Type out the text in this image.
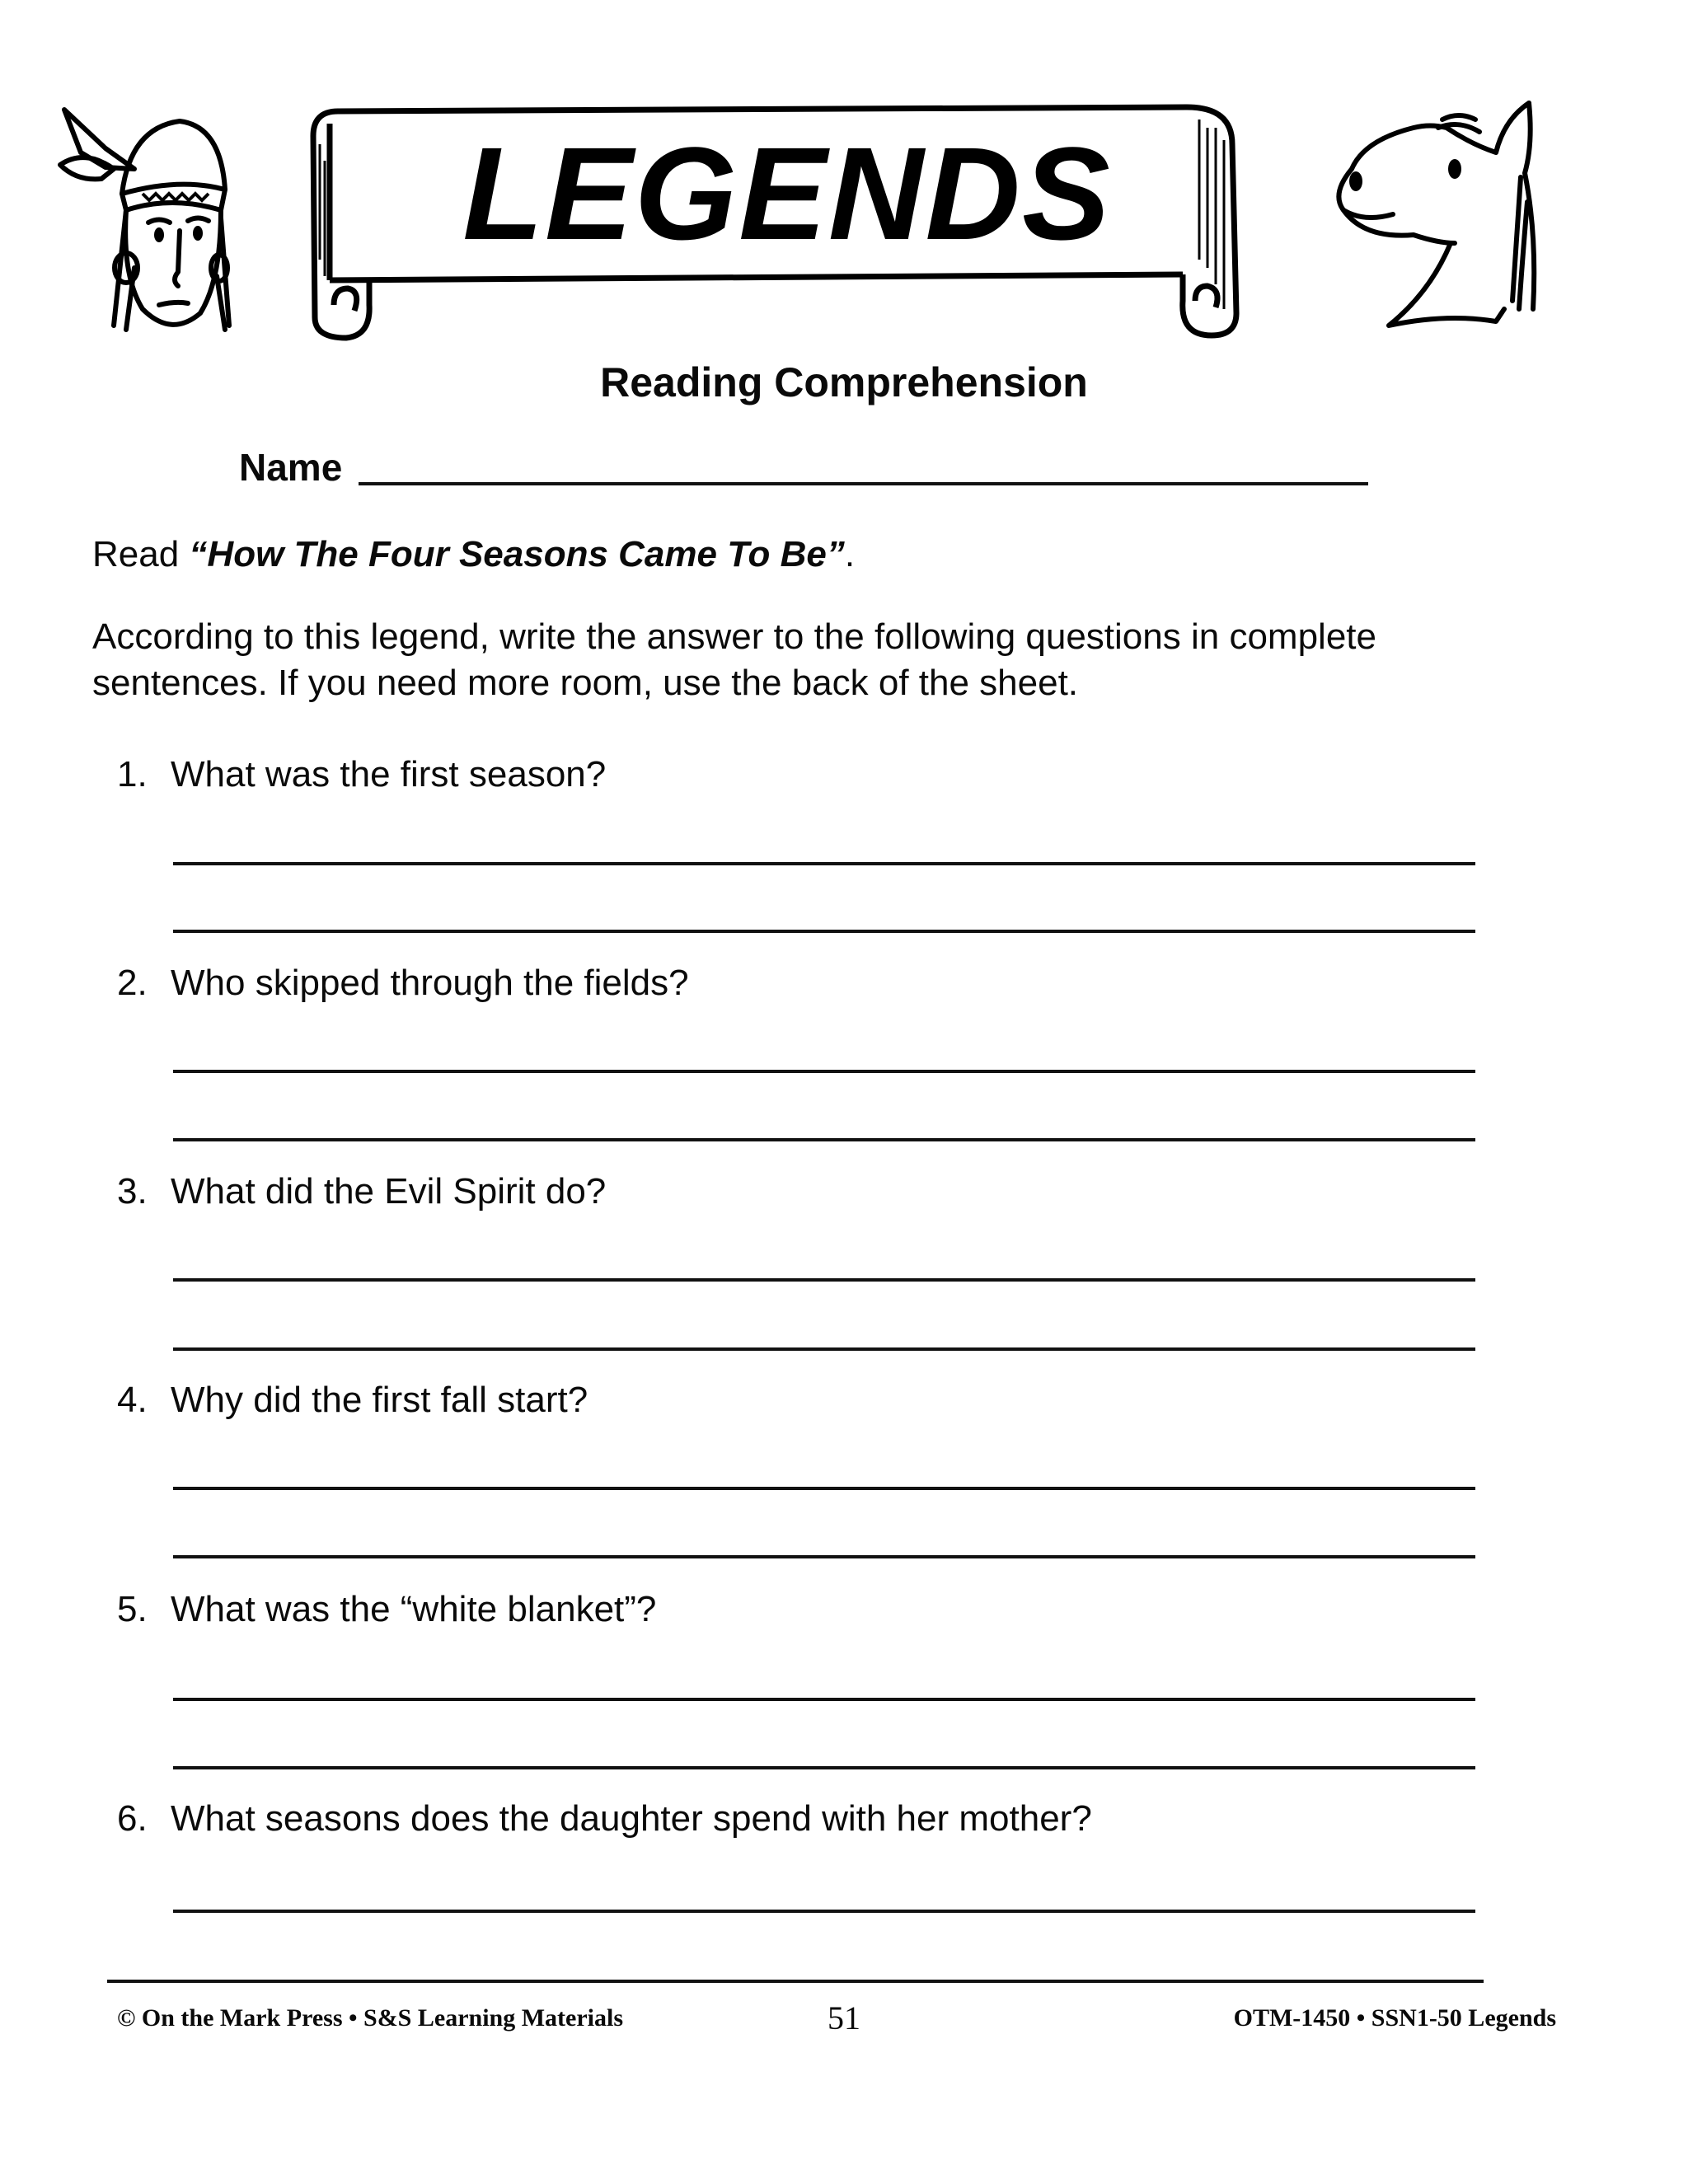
LEGENDS
Reading Comprehension
Name
Read “How The Four Seasons Came To Be”.
According to this legend, write the answer to the following questions in complete sentences. If you need more room, use the back of the sheet.
1. What was the first season?
2. Who skipped through the fields?
3. What did the Evil Spirit do?
4. Why did the first fall start?
5. What was the “white blanket”?
6. What seasons does the daughter spend with her mother?
© On the Mark Press • S&S Learning Materials	51	OTM-1450 • SSN1-50 Legends
